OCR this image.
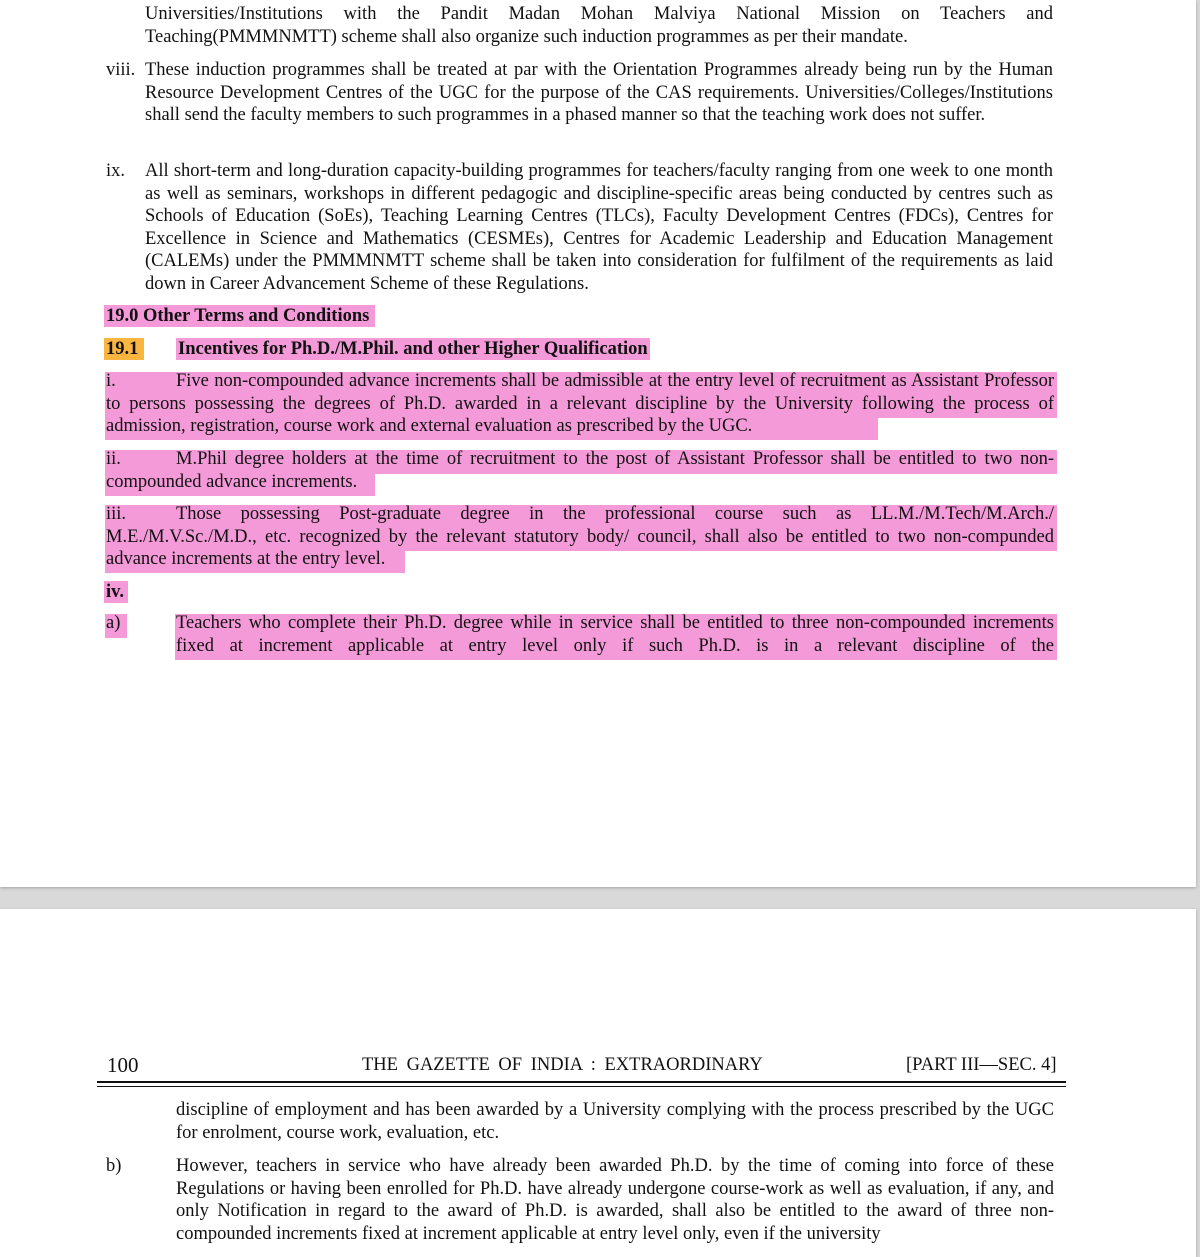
Universities/Institutions with the Pandit Madan Mohan Malviya National Mission on Teachers and Teaching(PMMMNMTT) scheme shall also organize such induction programmes as per their mandate.
viii. These induction programmes shall be treated at par with the Orientation Programmes already being run by the Human Resource Development Centres of the UGC for the purpose of the CAS requirements. Universities/Colleges/Institutions shall send the faculty members to such programmes in a phased manner so that the teaching work does not suffer.
ix. All short-term and long-duration capacity-building programmes for teachers/faculty ranging from one week to one month as well as seminars, workshops in different pedagogic and discipline-specific areas being conducted by centres such as Schools of Education (SoEs), Teaching Learning Centres (TLCs), Faculty Development Centres (FDCs), Centres for Excellence in Science and Mathematics (CESMEs), Centres for Academic Leadership and Education Management (CALEMs) under the PMMMNMTT scheme shall be taken into consideration for fulfilment of the requirements as laid down in Career Advancement Scheme of these Regulations.
19.0 Other Terms and Conditions
19.1	Incentives for Ph.D./M.Phil. and other Higher Qualification
i.	Five non-compounded advance increments shall be admissible at the entry level of recruitment as Assistant Professor to persons possessing the degrees of Ph.D. awarded in a relevant discipline by the University following the process of admission, registration, course work and external evaluation as prescribed by the UGC.
ii.	M.Phil degree holders at the time of recruitment to the post of Assistant Professor shall be entitled to two non-compounded advance increments.
iii.	Those possessing Post-graduate degree in the professional course such as LL.M./M.Tech/M.Arch./ M.E./M.V.Sc./M.D., etc. recognized by the relevant statutory body/ council, shall also be entitled to two non-compunded advance increments at the entry level.
iv.
a)	Teachers who complete their Ph.D. degree while in service shall be entitled to three non-compounded increments fixed at increment applicable at entry level only if such Ph.D. is in a relevant discipline of the
100	THE GAZETTE OF INDIA : EXTRAORDINARY	[PART III—SEC. 4]
discipline of employment and has been awarded by a University complying with the process prescribed by the UGC for enrolment, course work, evaluation, etc.
b)	However, teachers in service who have already been awarded Ph.D. by the time of coming into force of these Regulations or having been enrolled for Ph.D. have already undergone course-work as well as evaluation, if any, and only Notification in regard to the award of Ph.D. is awarded, shall also be entitled to the award of three non-compounded increments fixed at increment applicable at entry level only, even if the university
